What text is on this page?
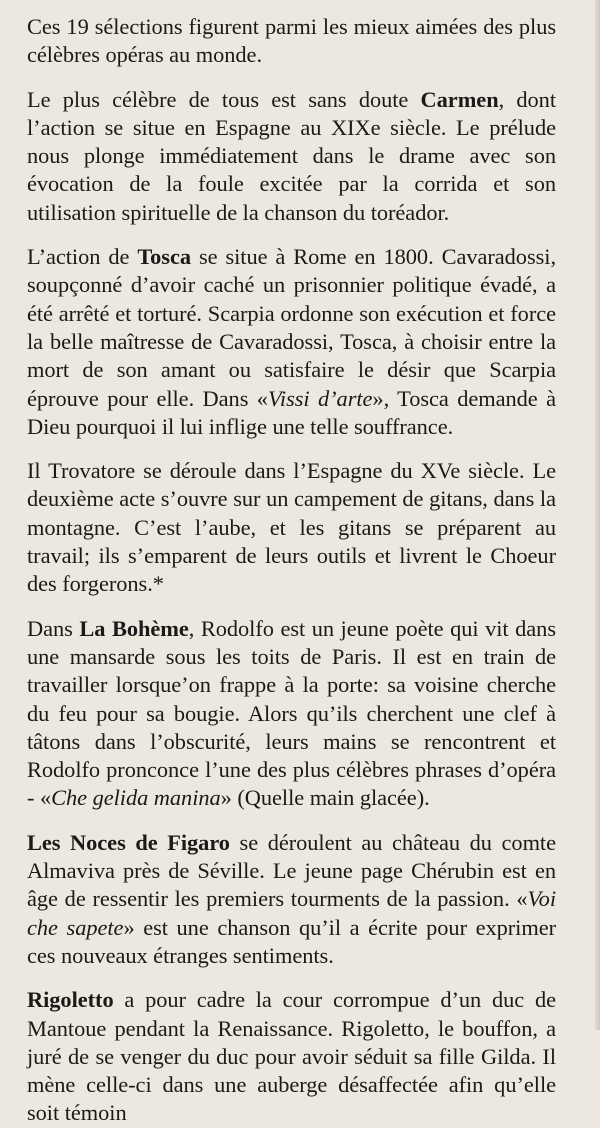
Ces 19 sélections figurent parmi les mieux aimées des plus célèbres opéras au monde.

Le plus célèbre de tous est sans doute Carmen, dont l’action se situe en Espagne au XIXe siècle. Le prélude nous plonge immédiatement dans le drame avec son évocation de la foule excitée par la corrida et son utilisation spirituelle de la chanson du toréador.

L’action de Tosca se situe à Rome en 1800. Cavaradossi, soupçonné d’avoir caché un prisonnier politique évadé, a été arrêté et torturé. Scarpia ordonne son exécution et force la belle maîtresse de Cavaradossi, Tosca, à choisir entre la mort de son amant ou satisfaire le désir que Scarpia éprouve pour elle. Dans «Vissi d’arte», Tosca demande à Dieu pourquoi il lui inflige une telle souffrance.

Il Trovatore se déroule dans l’Espagne du XVe siècle. Le deuxième acte s’ouvre sur un campement de gitans, dans la montagne. C’est l’aube, et les gitans se préparent au travail; ils s’emparent de leurs outils et livrent le Choeur des forgerons.*

Dans La Bohème, Rodolfo est un jeune poète qui vit dans une mansarde sous les toits de Paris. Il est en train de travailler lorsque’on frappe à la porte: sa voisine cherche du feu pour sa bougie. Alors qu’ils cherchent une clef à tâtons dans l’obscurité, leurs mains se rencontrent et Rodolfo pronconce l’une des plus célèbres phrases d’opéra - «Che gelida manina» (Quelle main glacée).

Les Noces de Figaro se déroulent au château du comte Almaviva près de Séville. Le jeune page Chérubin est en âge de ressentir les premiers tourments de la passion. «Voi che sapete» est une chanson qu’il a écrite pour exprimer ces nouveaux étranges sentiments.

Rigoletto a pour cadre la cour corrompue d’un duc de Mantoue pendant la Renaissance. Rigoletto, le bouffon, a juré de se venger du duc pour avoir séduit sa fille Gilda. Il mène celle-ci dans une auberge désaffectée afin qu’elle soit témoin
